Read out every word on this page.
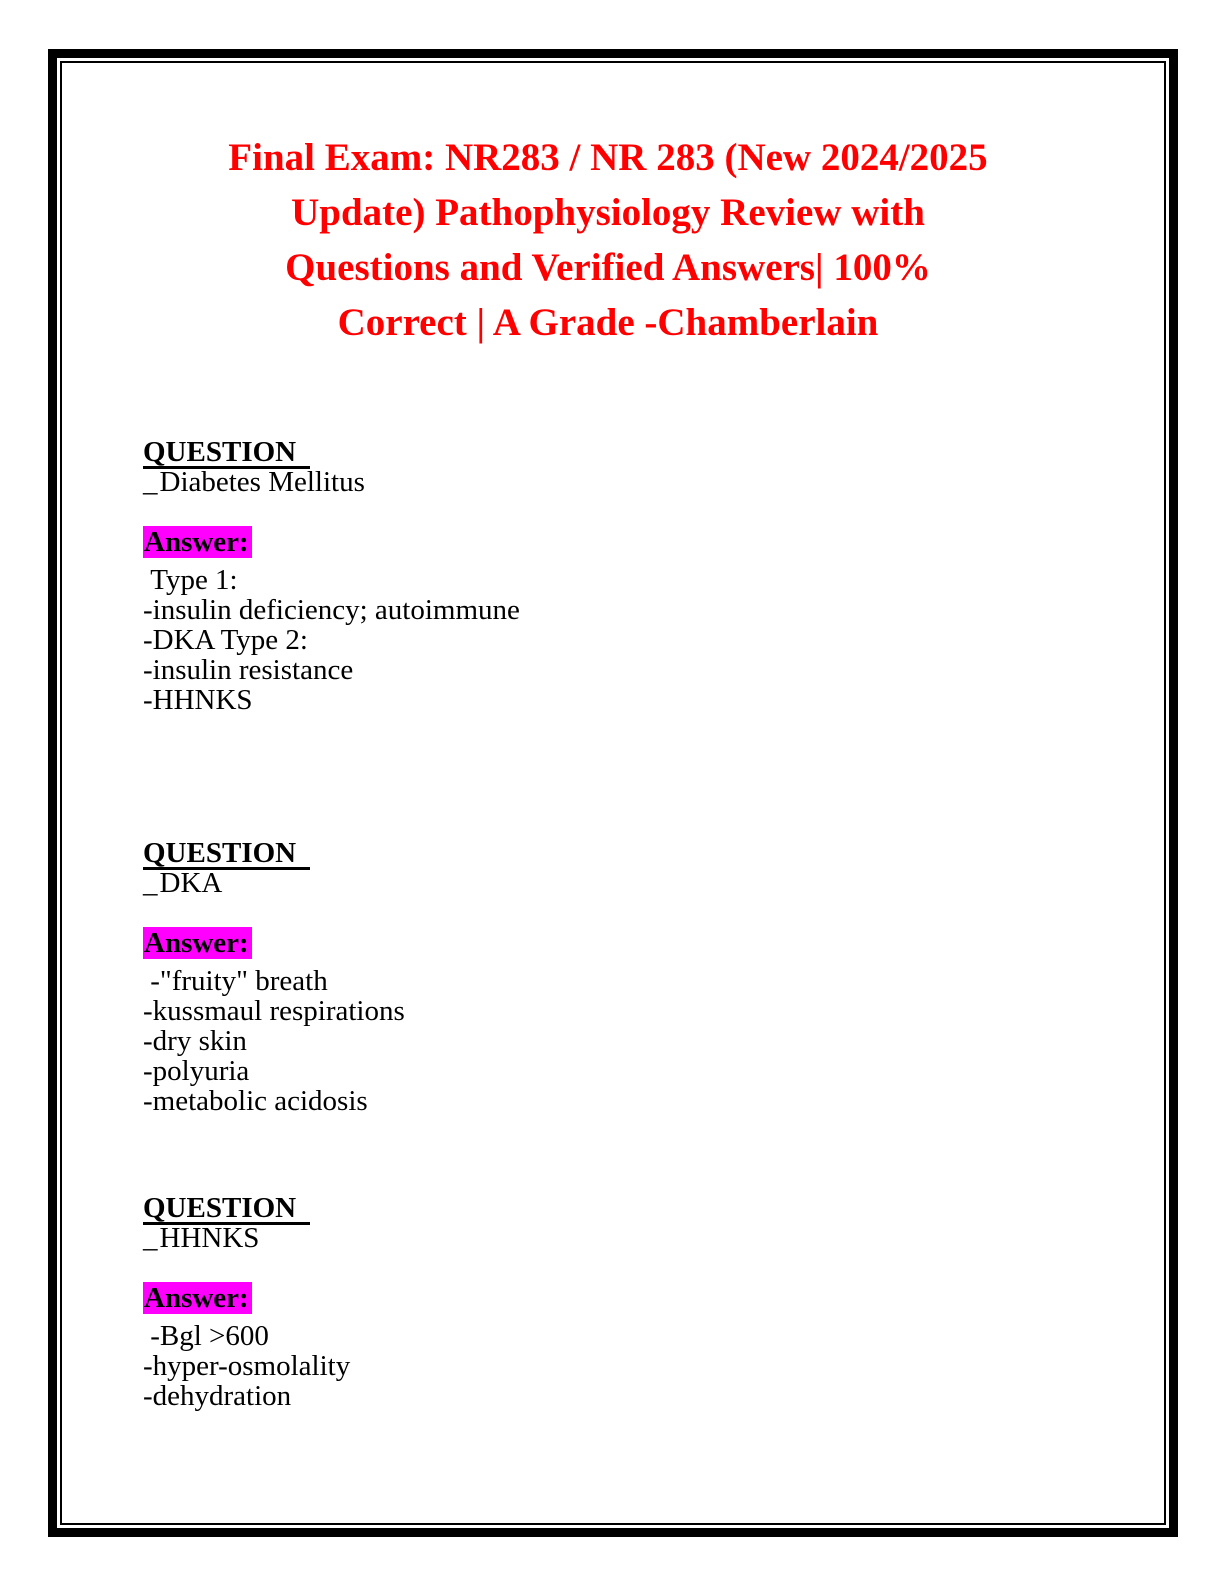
Final Exam: NR283 / NR 283 (New 2024/2025
Update) Pathophysiology Review with
Questions and Verified Answers| 100%
Correct | A Grade -Chamberlain
QUESTION
_Diabetes Mellitus
Answer:
Type 1:
-insulin deficiency; autoimmune
-DKA Type 2:
-insulin resistance
-HHNKS
QUESTION
_DKA
Answer:
-"fruity" breath
-kussmaul respirations
-dry skin
-polyuria
-metabolic acidosis
QUESTION
_HHNKS
Answer:
-Bgl >600
-hyper-osmolality
-dehydration
